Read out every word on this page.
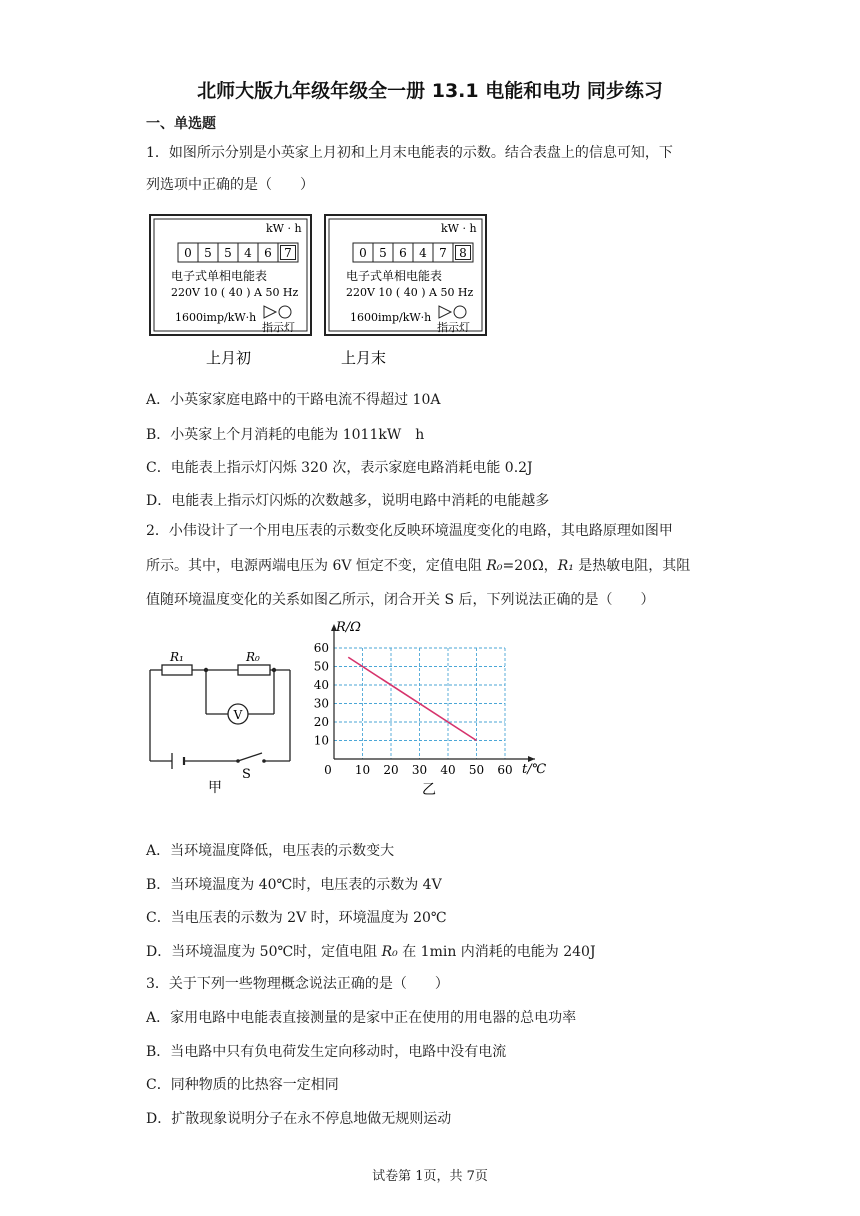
北师大版九年级年级全一册 13.1 电能和电功 同步练习
一、单选题
1．如图所示分别是小英家上月初和上月末电能表的示数。结合表盘上的信息可知，下
列选项中正确的是（　　）
kW · h
0 5 5 4 6 7
电子式单相电能表
220V 10 ( 40 ) A 50 Hz
1600imp/kW·h
指示灯
kW · h
0 5 6 4 7 8
电子式单相电能表
220V 10 ( 40 ) A 50 Hz
1600imp/kW·h
指示灯
上月初	上月末
A．小英家家庭电路中的干路电流不得超过 10A
B．小英家上个月消耗的电能为 1011kW　h
C．电能表上指示灯闪烁 320 次，表示家庭电路消耗电能 0.2J
D．电能表上指示灯闪烁的次数越多，说明电路中消耗的电能越多
2．小伟设计了一个用电压表的示数变化反映环境温度变化的电路，其电路原理如图甲
所示。其中，电源两端电压为 6V 恒定不变，定值电阻 R₀=20Ω，R₁ 是热敏电阻，其阻
值随环境温度变化的关系如图乙所示，闭合开关 S 后，下列说法正确的是（　　）
R₁	R₀
V
S
甲
0 10 20 30 40 50 60
10
20
30
40
50
60
R/Ω
t/℃
乙
A．当环境温度降低，电压表的示数变大
B．当环境温度为 40℃时，电压表的示数为 4V
C．当电压表的示数为 2V 时，环境温度为 20℃
D．当环境温度为 50℃时，定值电阻 R₀ 在 1min 内消耗的电能为 240J
3．关于下列一些物理概念说法正确的是（　　）
A．家用电路中电能表直接测量的是家中正在使用的用电器的总电功率
B．当电路中只有负电荷发生定向移动时，电路中没有电流
C．同种物质的比热容一定相同
D．扩散现象说明分子在永不停息地做无规则运动
试卷第 1页，共 7页
